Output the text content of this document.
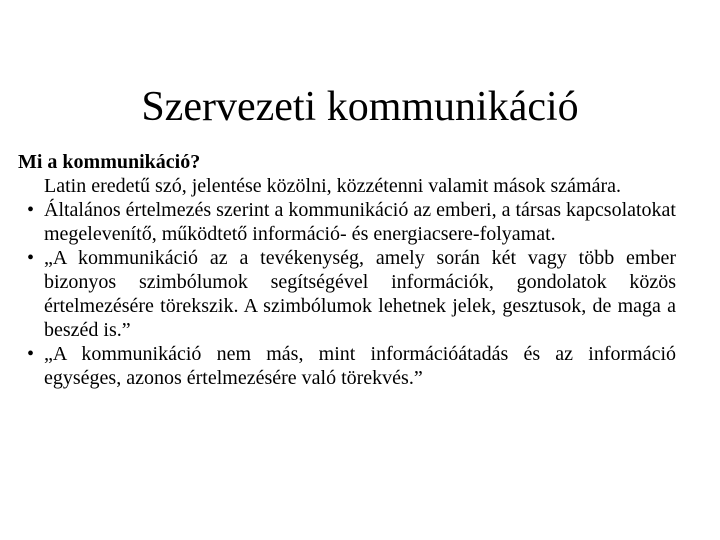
Szervezeti kommunikáció

Mi a kommunikáció?

Latin eredetű szó, jelentése közölni, közzétenni valamit mások számára.

• Általános értelmezés szerint a kommunikáció az emberi, a társas kapcsolatokat megelevenítő, működtető információ- és energiacsere-folyamat.
• „A kommunikáció az a tevékenység, amely során két vagy több ember bizonyos szimbólumok segítségével információk, gondolatok közös értelmezésére törekszik. A szimbólumok lehetnek jelek, gesztusok, de maga a beszéd is.”
• „A kommunikáció nem más, mint információátadás és az információ egységes, azonos értelmezésére való törekvés.”
